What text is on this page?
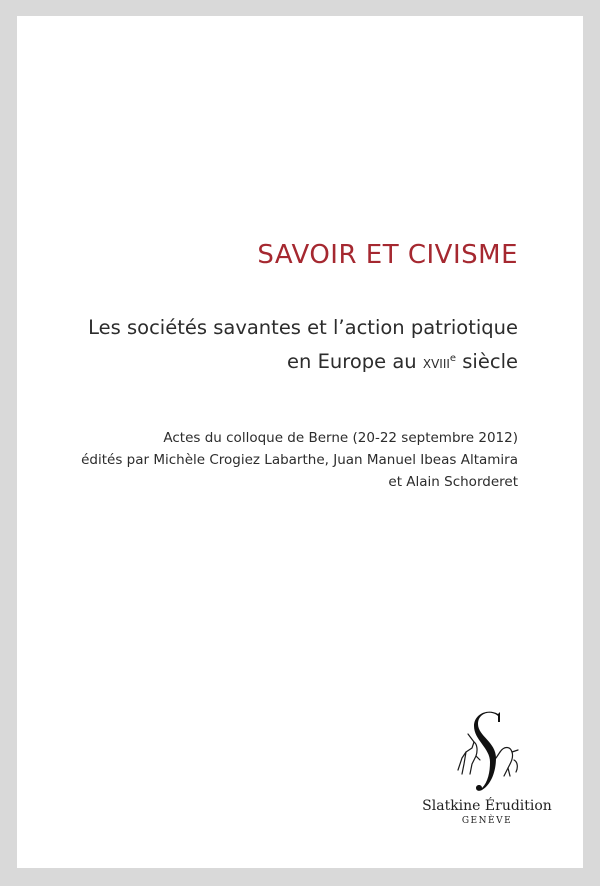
SAVOIR ET CIVISME

Les sociétés savantes et l’action patriotique
en Europe au xviii$^e$ siècle

Actes du colloque de Berne (20-22 septembre 2012)
édités par Michèle Crogiez Labarthe, Juan Manuel Ibeas Altamira
et Alain Schorderet

Slatkine Érudition
GENÈVE
